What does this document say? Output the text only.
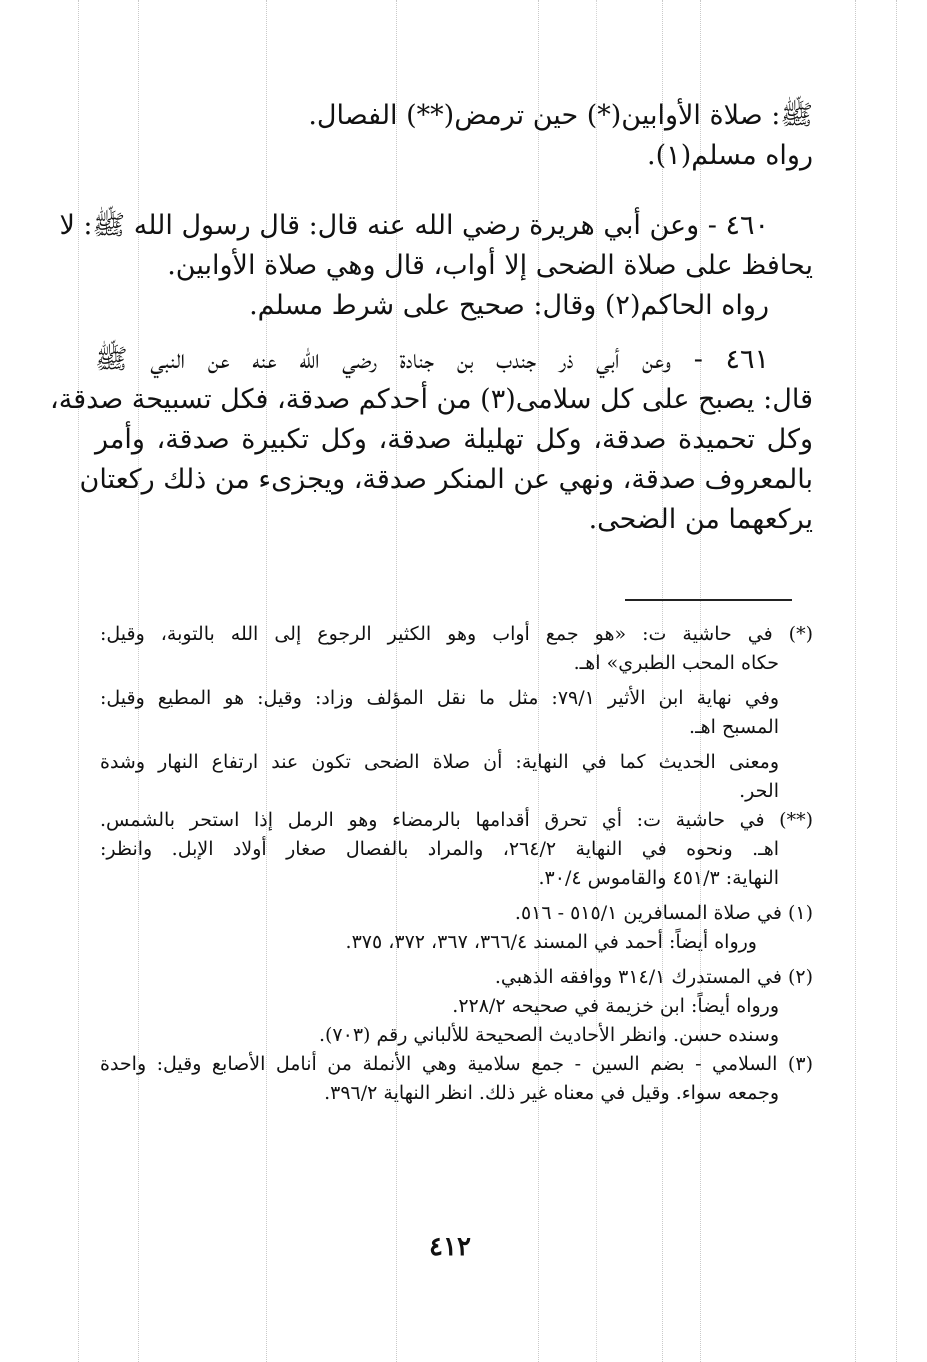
ﷺ: صلاة الأوابين(*) حين ترمض(**) الفصال.
رواه مسلم(١).
٤٦٠ - وعن أبي هريرة رضي الله عنه قال: قال رسول الله ﷺ: لا
يحافظ على صلاة الضحى إلا أواب، قال وهي صلاة الأوابين.
رواه الحاكم(٢) وقال: صحيح على شرط مسلم.
٤٦١ - وعن أبي ذر جندب بن جنادة رضي الله عنه عن النبي ﷺ
قال: يصبح على كل سلامى(٣) من أحدكم صدقة، فكل تسبيحة صدقة،
وكل تحميدة صدقة، وكل تهليلة صدقة، وكل تكبيرة صدقة، وأمر
بالمعروف صدقة، ونهي عن المنكر صدقة، ويجزىء من ذلك ركعتان
يركعهما من الضحى.
(*) في حاشية ت: «هو جمع أواب وهو الكثير الرجوع إلى الله بالتوبة، وقيل:
حكاه المحب الطبري» اهـ.
وفي نهاية ابن الأثير ٧٩/١: مثل ما نقل المؤلف وزاد: وقيل: هو المطيع وقيل:
المسبح اهـ.
ومعنى الحديث كما في النهاية: أن صلاة الضحى تكون عند ارتفاع النهار وشدة
الحر.
(**) في حاشية ت: أي تحرق أقدامها بالرمضاء وهو الرمل إذا استحر بالشمس.
اهـ. ونحوه في النهاية ٢٦٤/٢، والمراد بالفصال صغار أولاد الإبل. وانظر:
النهاية: ٤٥١/٣ والقاموس ٣٠/٤.
(١) في صلاة المسافرين ٥١٥/١ - ٥١٦.
ورواه أيضاً: أحمد في المسند ٣٦٦/٤، ٣٦٧، ٣٧٢، ٣٧٥.
(٢) في المستدرك ٣١٤/١ ووافقه الذهبي.
ورواه أيضاً: ابن خزيمة في صحيحه ٢٢٨/٢.
وسنده حسن. وانظر الأحاديث الصحيحة للألباني رقم (٧٠٣).
(٣) السلامي - بضم السين - جمع سلامية وهي الأنملة من أنامل الأصابع وقيل: واحدة
وجمعه سواء. وقيل في معناه غير ذلك. انظر النهاية ٣٩٦/٢.
٤١٢
